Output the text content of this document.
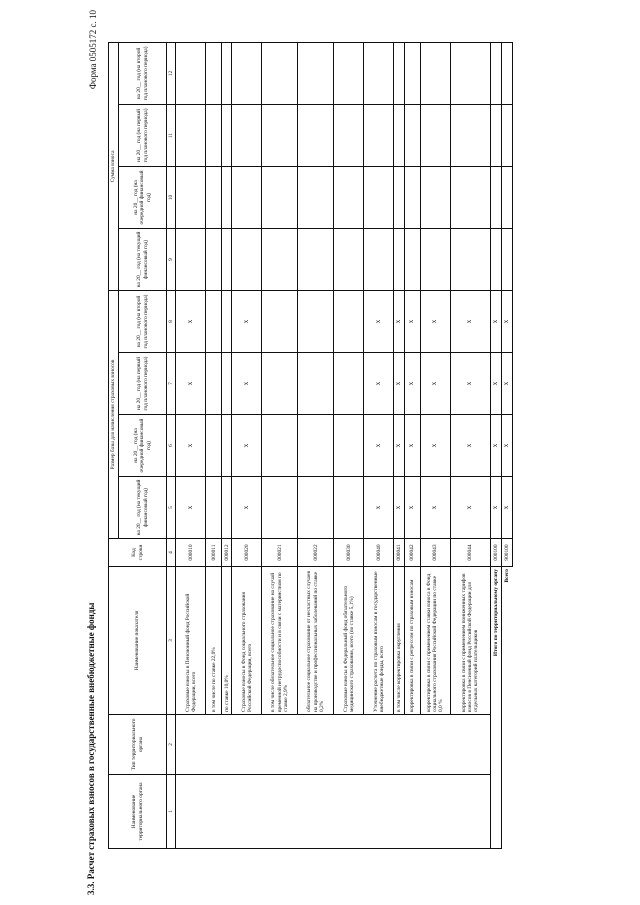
Форма 0505172 с. 10
3.3. Расчет страховых взносов в государственные внебюджетные фонды	Наименование территориального органа	Тип территориального органа	Наименование показателя	Код строки	Размер базы для начисления страховых взносов				Сумма взноса			
				на 20__ год (на текущий финансовый год)	на 20__ год (на очередной финансовый год)	на 20__ год (на первый год планового периода)	на 20__ год (на второй год планового периода)	на 20__ год (на текущий финансовый год)	на 20__ год (на очередной финансовый год)	на 20__ год (на первый год планового периода)	на 20__ год (на второй год планового периода)
1	2	3	4	5	6	7	8	9	10	11	12
		Страховые взносы в Пенсионный фонд Российской Федерации, всего	000010	x	x	x	x				
		в том числе по ставке 22,0%	000011								
		по ставке 10,0%	000012								
		Страховые взносы в Фонд социального страхования Российской Федерации, всего	000020	x	x	x	x				
		в том числе обязательное социальное страхование на случай временной нетрудоспособности и в связи с материнством по ставке 2,9%	000021								
		обязательное социальное страхование от несчастных случаев на производстве и профессиональных заболеваний по ставке 0,2%	000022								
		Страховые взносы в Федеральный фонд обязательного медицинского страхования, всего (по ставке 5,1%)	000030								
		Уточнение расчета по страховым взносам в государственные внебюджетные фонды, всего	000040	x	x	x	x				
		в том числе корректировка округления	000041	x	x	x	x				
		корректировка в связи с регрессом по страховым взносам	000042	x	x	x	x				
		корректировка в связи с применением ставки взноса в Фонд социального страхования Российской Федерации по ставке 0,0 %	000043	x	x	x	x				
		корректировка в связи с применением пониженных тарифов взносов в Пенсионный фонд Российской Федерации для отдельных категорий плательщиков	000044	x	x	x	x				
	Итого по территориальному органу		000100	x	x	x	x				
Всего			900100	x	x	x	x				
